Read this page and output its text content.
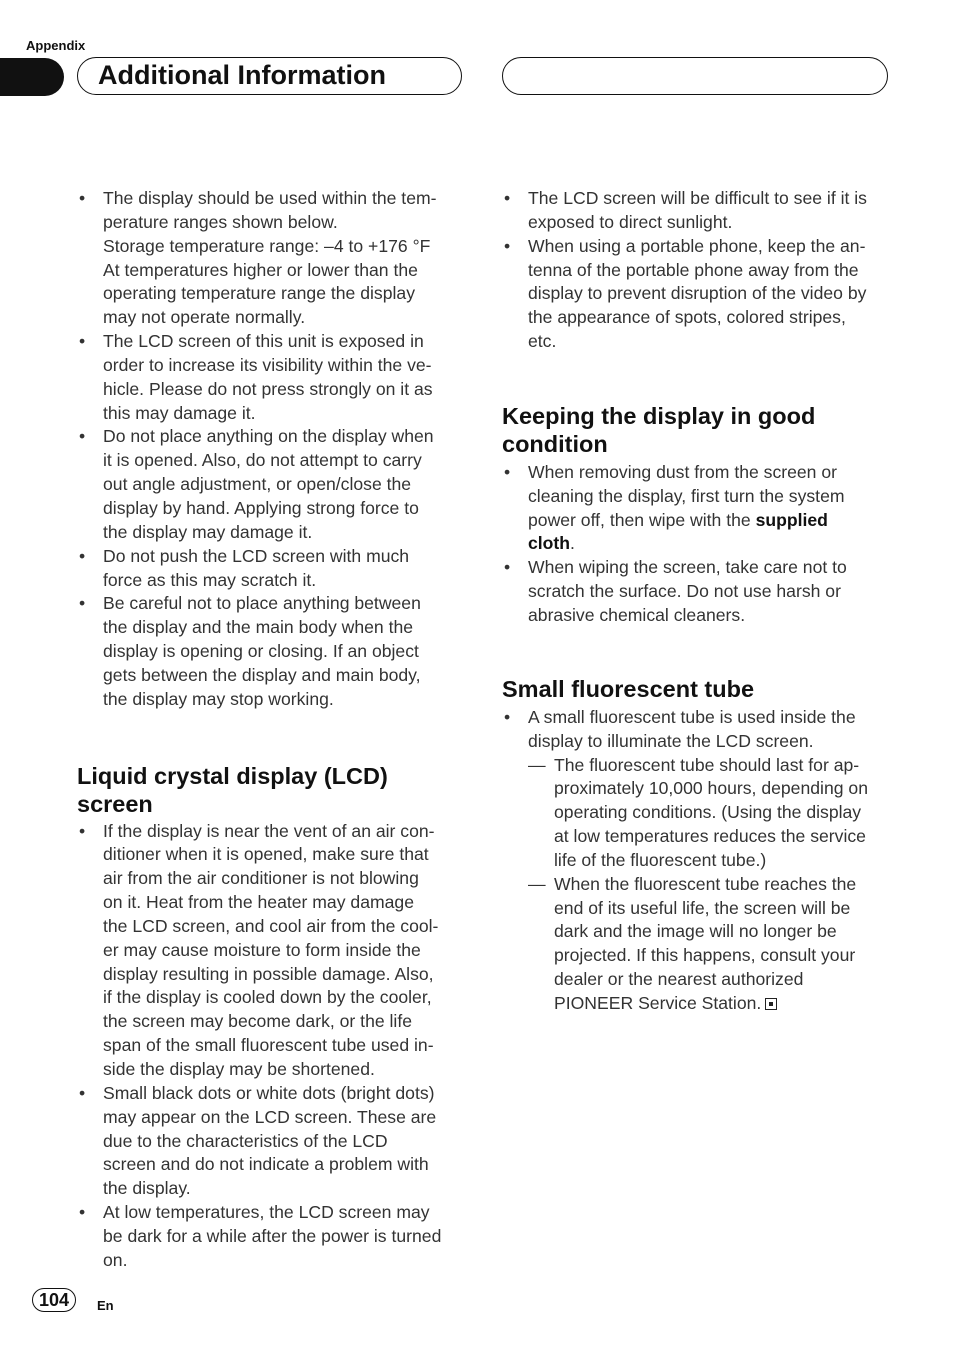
Appendix
Additional Information
• The display should be used within the tem-
perature ranges shown below.
Storage temperature range: –4 to +176 °F
At temperatures higher or lower than the
operating temperature range the display
may not operate normally.
• The LCD screen of this unit is exposed in
order to increase its visibility within the ve-
hicle. Please do not press strongly on it as
this may damage it.
• Do not place anything on the display when
it is opened. Also, do not attempt to carry
out angle adjustment, or open/close the
display by hand. Applying strong force to
the display may damage it.
• Do not push the LCD screen with much
force as this may scratch it.
• Be careful not to place anything between
the display and the main body when the
display is opening or closing. If an object
gets between the display and main body,
the display may stop working.
Liquid crystal display (LCD) screen
• If the display is near the vent of an air con-
ditioner when it is opened, make sure that
air from the air conditioner is not blowing
on it. Heat from the heater may damage
the LCD screen, and cool air from the cool-
er may cause moisture to form inside the
display resulting in possible damage. Also,
if the display is cooled down by the cooler,
the screen may become dark, or the life
span of the small fluorescent tube used in-
side the display may be shortened.
• Small black dots or white dots (bright dots)
may appear on the LCD screen. These are
due to the characteristics of the LCD
screen and do not indicate a problem with
the display.
• At low temperatures, the LCD screen may
be dark for a while after the power is turned
on.
• The LCD screen will be difficult to see if it is
exposed to direct sunlight.
• When using a portable phone, keep the an-
tenna of the portable phone away from the
display to prevent disruption of the video by
the appearance of spots, colored stripes,
etc.
Keeping the display in good
condition
• When removing dust from the screen or
cleaning the display, first turn the system
power off, then wipe with the supplied
cloth.
• When wiping the screen, take care not to
scratch the surface. Do not use harsh or
abrasive chemical cleaners.
Small fluorescent tube
• A small fluorescent tube is used inside the
display to illuminate the LCD screen.
— The fluorescent tube should last for ap-
proximately 10,000 hours, depending on
operating conditions. (Using the display
at low temperatures reduces the service
life of the fluorescent tube.)
— When the fluorescent tube reaches the
end of its useful life, the screen will be
dark and the image will no longer be
projected. If this happens, consult your
dealer or the nearest authorized
PIONEER Service Station.
104	En
